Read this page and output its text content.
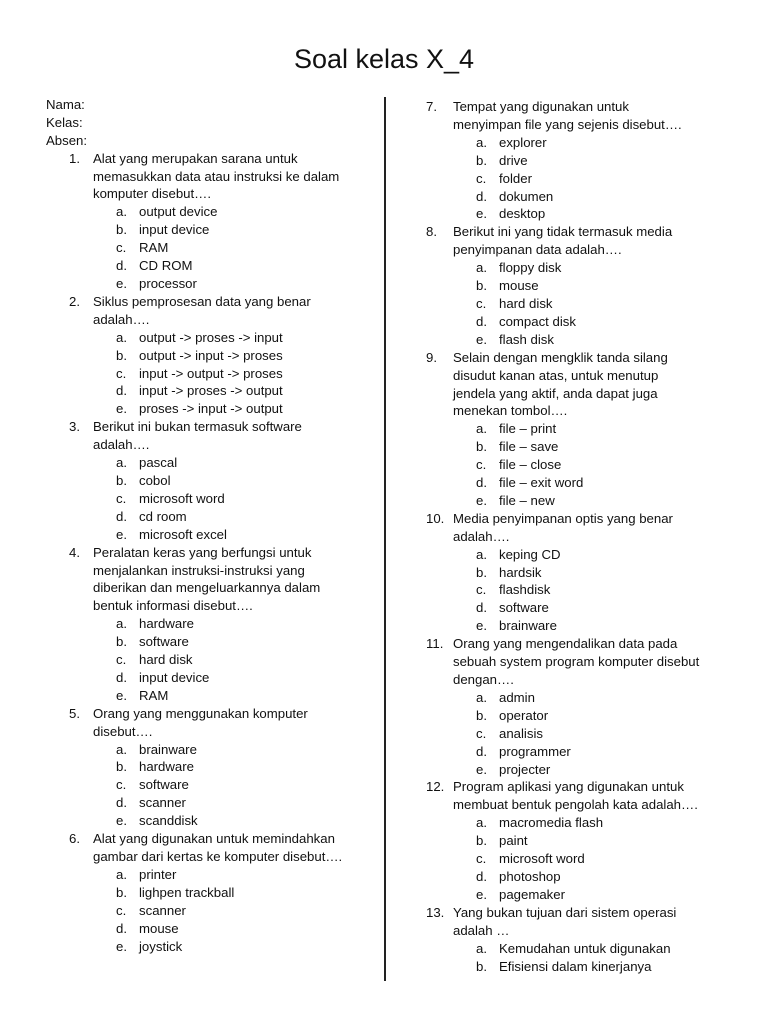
Soal kelas X_4
Nama:
Kelas:
Absen:
1. Alat yang merupakan sarana untuk
memasukkan data atau instruksi ke dalam
komputer disebut….
a. output device
b. input device
c. RAM
d. CD ROM
e. processor
2. Siklus pemprosesan data yang benar
adalah….
a. output -> proses -> input
b. output -> input -> proses
c. input -> output -> proses
d. input -> proses -> output
e. proses -> input -> output
3. Berikut ini bukan termasuk software
adalah….
a. pascal
b. cobol
c. microsoft word
d. cd room
e. microsoft excel
4. Peralatan keras yang berfungsi untuk
menjalankan instruksi-instruksi yang
diberikan dan mengeluarkannya dalam
bentuk informasi disebut….
a. hardware
b. software
c. hard disk
d. input device
e. RAM
5. Orang yang menggunakan komputer
disebut….
a. brainware
b. hardware
c. software
d. scanner
e. scanddisk
6. Alat yang digunakan untuk memindahkan
gambar dari kertas ke komputer disebut….
a. printer
b. lighpen trackball
c. scanner
d. mouse
e. joystick
7.	Tempat yang digunakan untuk
menyimpan file yang sejenis disebut….
a. explorer
b. drive
c. folder
d. dokumen
e. desktop
8.	Berikut ini yang tidak termasuk media
penyimpanan data adalah….
a. floppy disk
b. mouse
c. hard disk
d. compact disk
e. flash disk
9.	Selain dengan mengklik tanda silang
disudut kanan atas, untuk menutup
jendela yang aktif, anda dapat juga
menekan tombol….
a. file – print
b. file – save
c. file – close
d. file – exit word
e. file – new
10. Media penyimpanan optis yang benar
adalah….
a. keping CD
b. hardsik
c. flashdisk
d. software
e. brainware
11. Orang yang mengendalikan data pada
sebuah system program komputer disebut
dengan….
a. admin
b. operator
c. analisis
d. programmer
e. projecter
12. Program aplikasi yang digunakan untuk
membuat bentuk pengolah kata adalah….
a. macromedia flash
b. paint
c. microsoft word
d. photoshop
e. pagemaker
13. Yang bukan tujuan dari sistem operasi
adalah …
a. Kemudahan untuk digunakan
b. Efisiensi dalam kinerjanya
